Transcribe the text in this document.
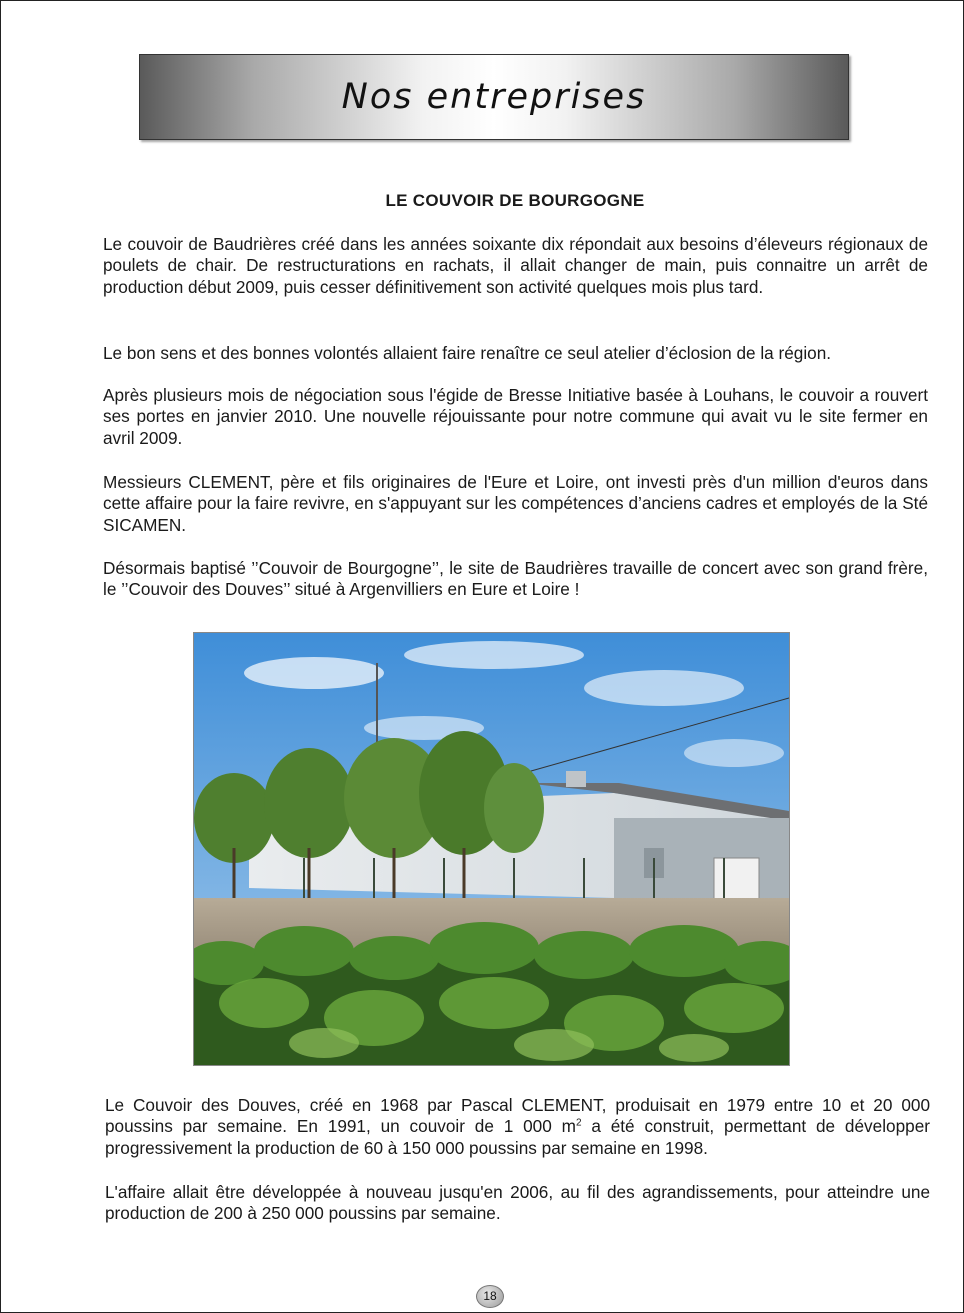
Nos entreprises
LE COUVOIR DE BOURGOGNE

Le couvoir de Baudrières créé dans les années soixante dix répondait aux besoins d’éleveurs régionaux de poulets de chair. De restructurations en rachats, il allait changer de main, puis connaitre un arrêt de production début 2009, puis cesser définitivement son activité quelques mois plus tard.

Le bon sens et des bonnes volontés allaient faire renaître ce seul atelier d’éclosion de la région.

Après plusieurs mois de négociation sous l'égide de Bresse Initiative basée à Louhans, le couvoir a rouvert ses portes en janvier 2010. Une nouvelle réjouissante pour notre commune qui avait vu le site fermer en avril 2009.

Messieurs CLEMENT, père et fils originaires de l'Eure et Loire, ont investi près d'un million d'euros dans cette affaire pour la faire revivre, en s'appuyant sur les compétences d’anciens cadres et employés de la Sté SICAMEN.

Désormais baptisé ’’Couvoir de Bourgogne’’, le site de Baudrières travaille de concert avec son grand frère, le ’’Couvoir des Douves’’ situé à Argenvilliers en Eure et Loire !

Le Couvoir des Douves, créé en 1968 par Pascal CLEMENT, produisait en 1979 entre 10 et 20 000 poussins par semaine. En 1991, un couvoir de 1 000 $m^2$ a été construit, permettant de développer progressivement la production de 60 à 150 000 poussins par semaine en 1998.

L'affaire allait être développée à nouveau jusqu'en 2006, au fil des agrandissements, pour atteindre une production de 200 à 250 000 poussins par semaine.

18
